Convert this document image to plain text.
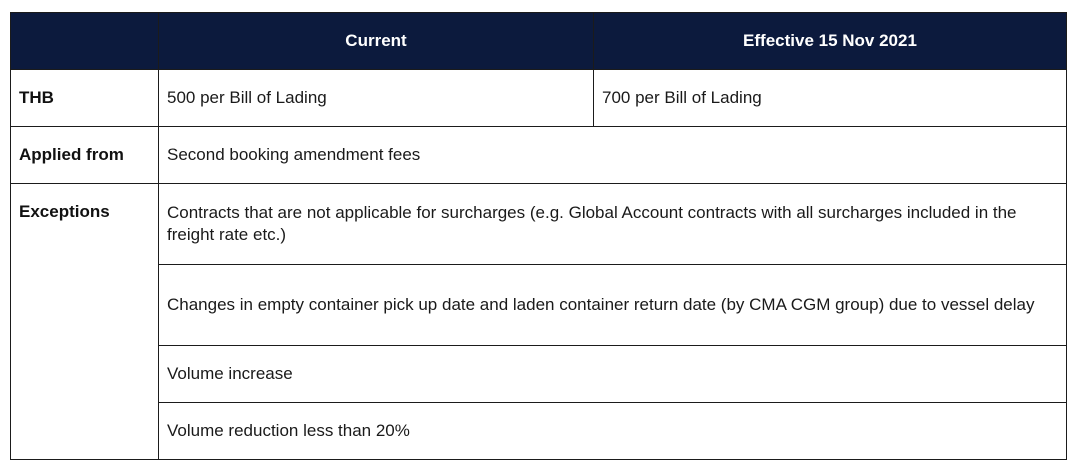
	Current	Effective 15 Nov 2021
THB	500 per Bill of Lading	700 per Bill of Lading
Applied from	Second booking amendment fees	
Exceptions	Contracts that are not applicable for surcharges (e.g. Global Account contracts with all surcharges included in the freight rate etc.)	
	Changes in empty container pick up date and laden container return date (by CMA CGM group) due to vessel delay	
	Volume increase	
	Volume reduction less than 20%	
